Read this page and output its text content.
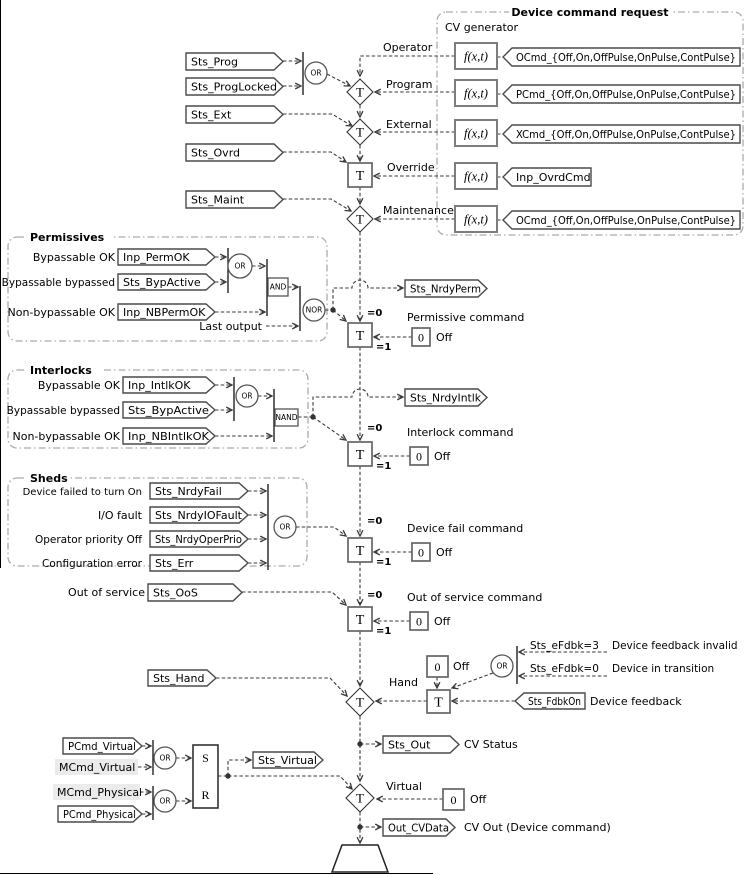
Device command request
Permissives
Interlocks
Sheds
OR
OR
AND
NOR
OR
NAND
OR
OR
OR
OR
f(x,t)
f(x,t)
f(x,t)
f(x,t)
f(x,t)
T
T
T
T
T
T
0
0
0
0
0
0
T
T
T
T
T
S
R
Sts_Prog
Sts_ProgLocked
Sts_Ext
Sts_Ovrd
Sts_Maint
OCmd_{Off,On,OffPulse,OnPulse,ContPulse}
PCmd_{Off,On,OffPulse,OnPulse,ContPulse}
XCmd_{Off,On,OffPulse,OnPulse,ContPulse}
Inp_OvrdCmd
OCmd_{Off,On,OffPulse,OnPulse,ContPulse}
Inp_PermOK
Sts_BypActive
Inp_NBPermOK
Sts_NrdyPerm
Inp_IntlkOK
Sts_BypActive
Inp_NBIntlkOK
Sts_NrdyIntlk
Sts_NrdyFail
Sts_NrdyIOFault
Sts_NrdyOperPrio
Sts_Err
Sts_OoS
Sts_FdbkOn
Sts_Hand
Sts_Out
PCmd_Virtual
PCmd_Physical
Sts_Virtual
Out_CVData
MCmd_Virtual
MCmd_Physical
Operator
Program
External
Override
Maintenance
CV generator
Bypassable OK
Bypassable bypassed
Non-bypassable OK
Last output
=0 Permissive command
Off
=1
Bypassable OK
Bypassable bypassed
Non-bypassable OK
=0 Interlock command
Off
=1
Device failed to turn On
I/O fault
Operator priority Off
Configuration error
=0
Device fail command
Off
=1
Out of service	=0 Out of service command
Off
=1
Off
Sts_eFdbk=3 Device feedback invalid
Sts_eFdbk=0 Device in transition
Device feedback
Hand
CV Status
Virtual
Off
CV Out (Device command)
